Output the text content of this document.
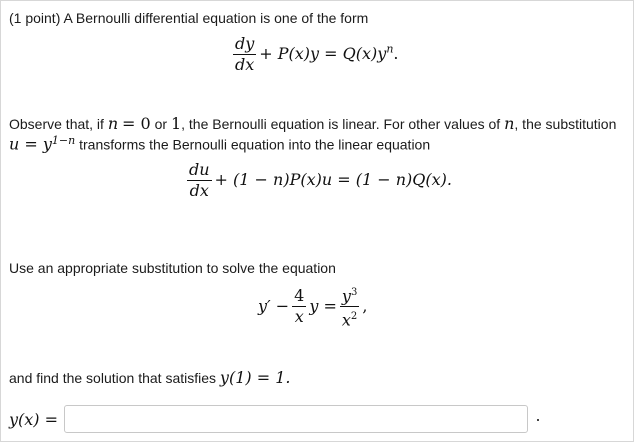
(1 point) A Bernoulli differential equation is one of the form
$\frac{dy}{dx} + P(x)y = Q(x)y^n$.
Observe that, if n = 0 or 1, the Bernoulli equation is linear. For other values of n, the substitution
$u = y^{1-n}$ transforms the Bernoulli equation into the linear equation
$\frac{du}{dx} + (1 - n)P(x)u = (1 - n)Q(x)$.
Use an appropriate substitution to solve the equation
$y' - \frac{4}{x}$ $y = \frac{y^3}{x^2}$ ,
and find the solution that satisfies y(1) = 1.
y(x) =
